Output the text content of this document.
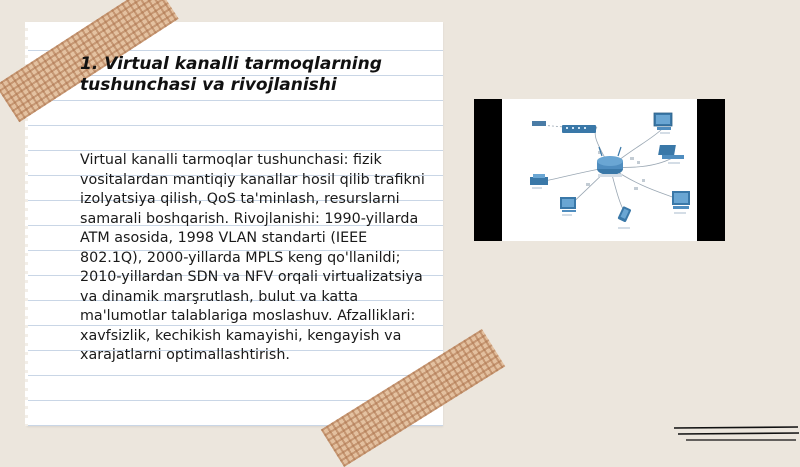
1. Virtual kanalli tarmoqlarning tushunchasi va rivojlanishi

Virtual kanalli tarmoqlar tushunchasi: fizik vositalardan mantiqiy kanallar hosil qilib trafikni izolyatsiya qilish, QoS ta'minlash, resurslarni samarali boshqarish. Rivojlanishi: 1990-yillarda ATM asosida, 1998 VLAN standarti (IEEE 802.1Q), 2000-yillarda MPLS keng qo'llanildi; 2010-yillardan SDN va NFV orqali virtualizatsiya va dinamik marşrutlash, bulut va katta ma'lumotlar talablariga moslashuv. Afzalliklari: xavfsizlik, kechikish kamayishi, kengayish va xarajatlarni optimallashtirish.
